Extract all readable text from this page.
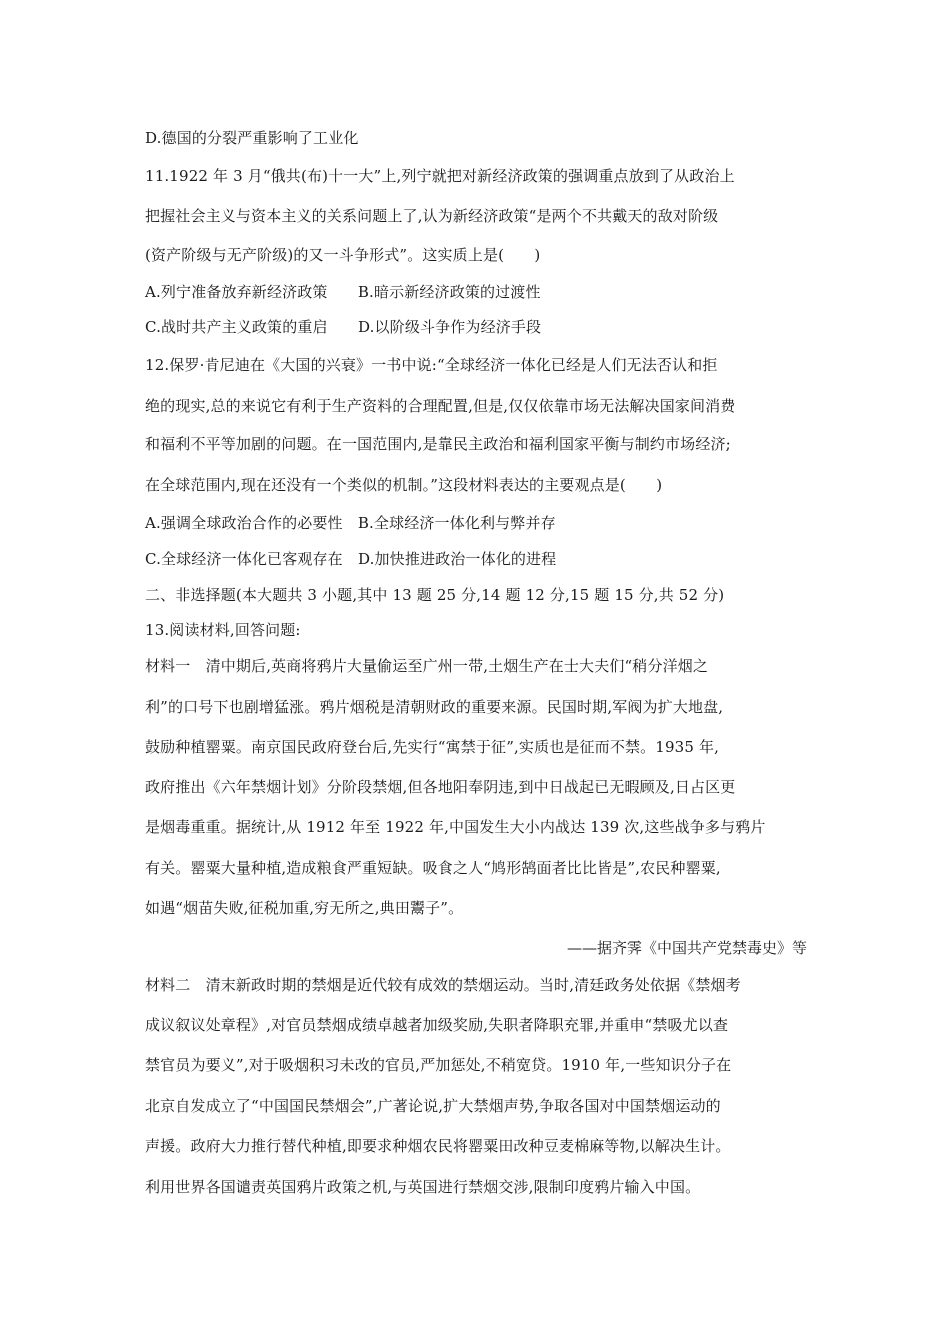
D.德国的分裂严重影响了工业化
11.1922 年 3 月“俄共(布)十一大”上,列宁就把对新经济政策的强调重点放到了从政治上
把握社会主义与资本主义的关系问题上了,认为新经济政策“是两个不共戴天的敌对阶级
(资产阶级与无产阶级)的又一斗争形式”。这实质上是(　　)
A.列宁准备放弃新经济政策　　B.暗示新经济政策的过渡性
C.战时共产主义政策的重启　　D.以阶级斗争作为经济手段
12.保罗·肯尼迪在《大国的兴衰》一书中说:“全球经济一体化已经是人们无法否认和拒
绝的现实,总的来说它有利于生产资料的合理配置,但是,仅仅依靠市场无法解决国家间消费
和福利不平等加剧的问题。在一国范围内,是靠民主政治和福利国家平衡与制约市场经济;
在全球范围内,现在还没有一个类似的机制。”这段材料表达的主要观点是(　　)
A.强调全球政治合作的必要性　B.全球经济一体化利与弊并存
C.全球经济一体化已客观存在　D.加快推进政治一体化的进程
二、非选择题(本大题共 3 小题,其中 13 题 25 分,14 题 12 分,15 题 15 分,共 52 分)
13.阅读材料,回答问题:
材料一　清中期后,英商将鸦片大量偷运至广州一带,土烟生产在士大夫们“稍分洋烟之
利”的口号下也剧增猛涨。鸦片烟税是清朝财政的重要来源。民国时期,军阀为扩大地盘,
鼓励种植罂粟。南京国民政府登台后,先实行“寓禁于征”,实质也是征而不禁。1935 年,
政府推出《六年禁烟计划》分阶段禁烟,但各地阳奉阴违,到中日战起已无暇顾及,日占区更
是烟毒重重。据统计,从 1912 年至 1922 年,中国发生大小内战达 139 次,这些战争多与鸦片
有关。罂粟大量种植,造成粮食严重短缺。吸食之人“鸠形鹄面者比比皆是”,农民种罂粟,
如遇“烟苗失败,征税加重,穷无所之,典田鬻子”。
——据齐霁《中国共产党禁毒史》等
材料二　清末新政时期的禁烟是近代较有成效的禁烟运动。当时,清廷政务处依据《禁烟考
成议叙议处章程》,对官员禁烟成绩卓越者加级奖励,失职者降职充罪,并重申“禁吸尤以查
禁官员为要义”,对于吸烟积习未改的官员,严加惩处,不稍宽贷。1910 年,一些知识分子在
北京自发成立了“中国国民禁烟会”,广著论说,扩大禁烟声势,争取各国对中国禁烟运动的
声援。政府大力推行替代种植,即要求种烟农民将罂粟田改种豆麦棉麻等物,以解决生计。
利用世界各国谴责英国鸦片政策之机,与英国进行禁烟交涉,限制印度鸦片输入中国。
